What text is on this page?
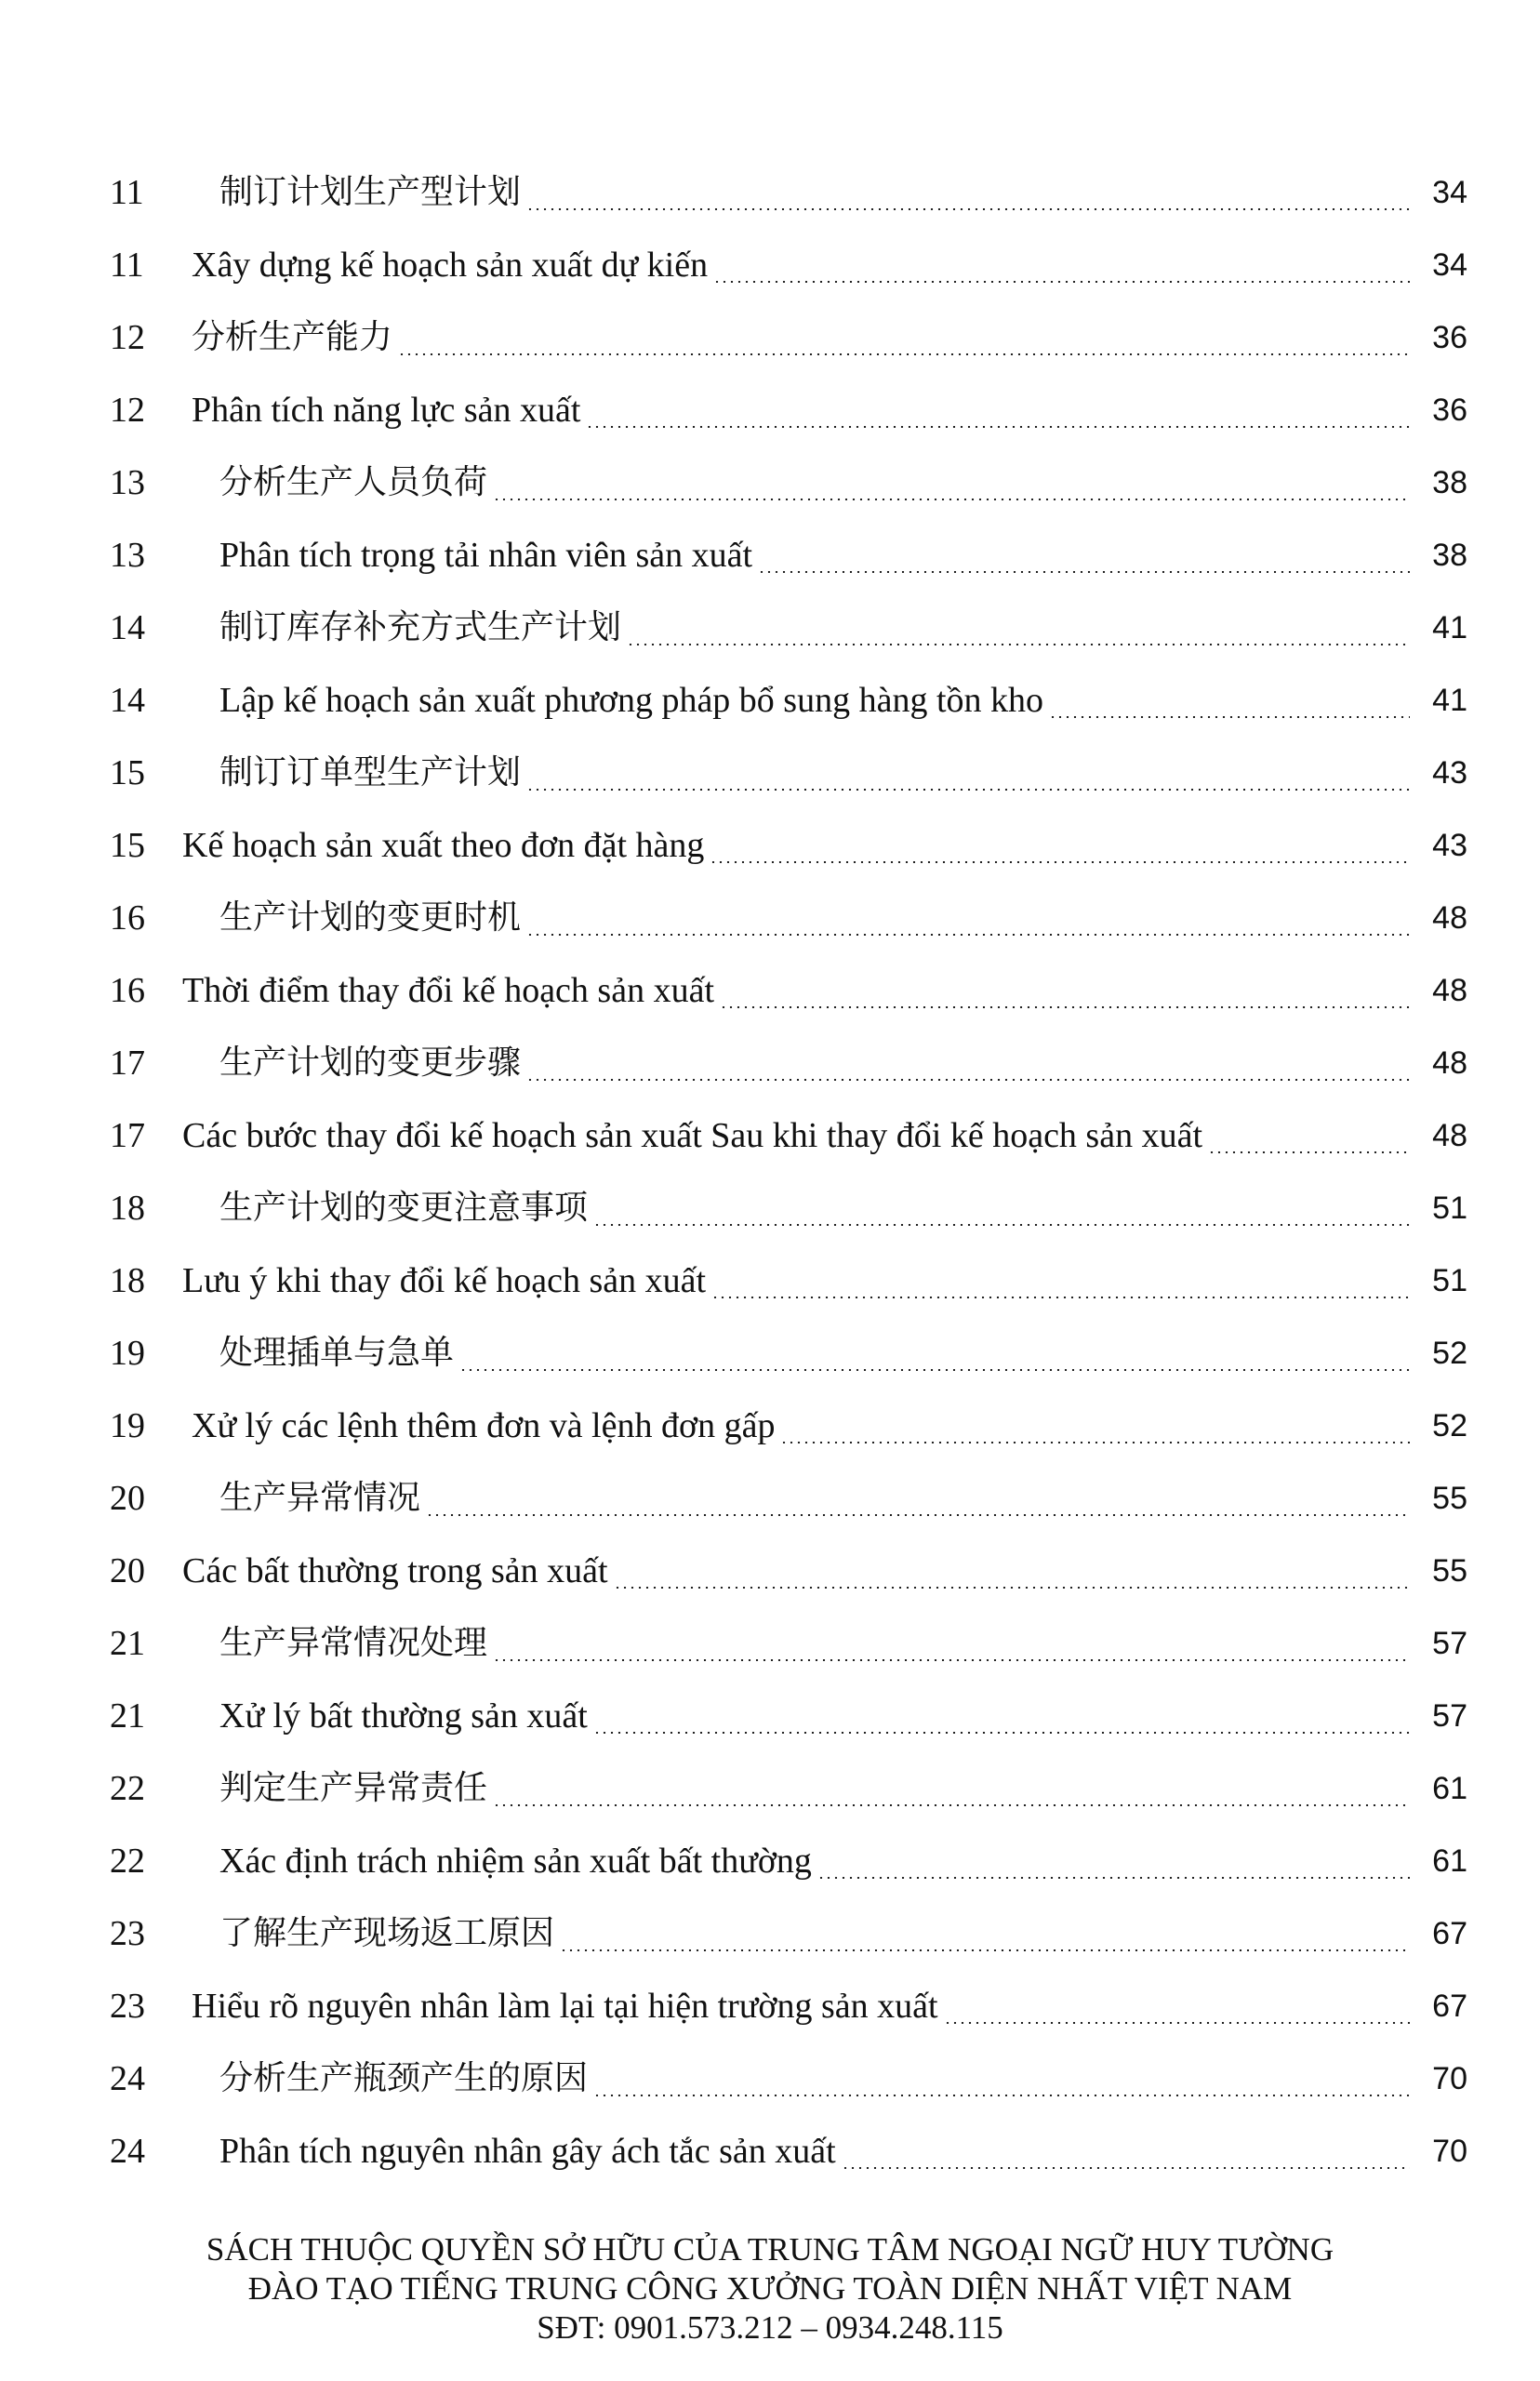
11	制订计划生产型计划	34
11	Xây dựng kế hoạch sản xuất dự kiến	34
12	分析生产能力	36
12	Phân tích năng lực sản xuất	36
13	分析生产人员负荷	38
13	Phân tích trọng tải nhân viên sản xuất	38
14	制订库存补充方式生产计划	41
14	Lập kế hoạch sản xuất phương pháp bổ sung hàng tồn kho	41
15	制订订单型生产计划	43
15	Kế hoạch sản xuất theo đơn đặt hàng	43
16	生产计划的变更时机	48
16	Thời điểm thay đổi kế hoạch sản xuất	48
17	生产计划的变更步骤	48
17	Các bước thay đổi kế hoạch sản xuất Sau khi thay đổi kế hoạch sản xuất	48
18	生产计划的变更注意事项	51
18	Lưu ý khi thay đổi kế hoạch sản xuất	51
19	处理插单与急单	52
19	Xử lý các lệnh thêm đơn và lệnh đơn gấp	52
20	生产异常情况	55
20	Các bất thường trong sản xuất	55
21	生产异常情况处理	57
21	Xử lý bất thường sản xuất	57
22	判定生产异常责任	61
22	Xác định trách nhiệm sản xuất bất thường	61
23	了解生产现场返工原因	67
23	Hiểu rõ nguyên nhân làm lại tại hiện trường sản xuất	67
24	分析生产瓶颈产生的原因	70
24	Phân tích nguyên nhân gây ách tắc sản xuất	70
SÁCH THUỘC QUYỀN SỞ HỮU CỦA TRUNG TÂM NGOẠI NGỮ HUY TƯỜNG
ĐÀO TẠO TIẾNG TRUNG CÔNG XƯỞNG TOÀN DIỆN NHẤT VIỆT NAM
SĐT: 0901.573.212 – 0934.248.115
